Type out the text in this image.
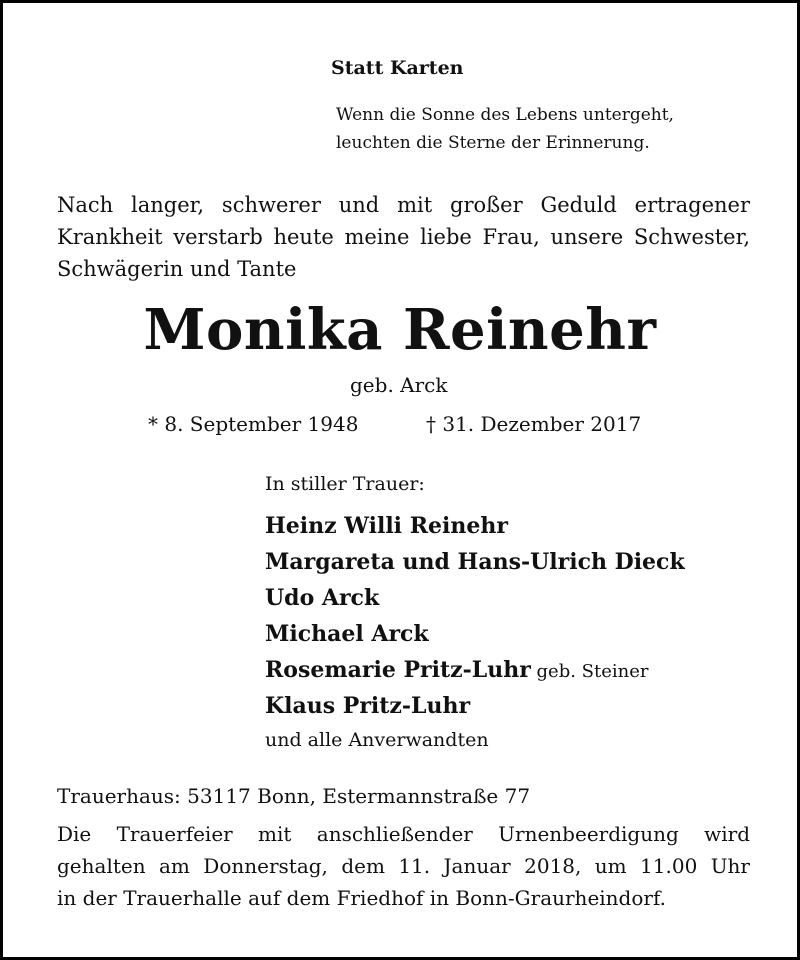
Statt Karten
Wenn die Sonne des Lebens untergeht,
leuchten die Sterne der Erinnerung.
Nach langer, schwerer und mit großer Geduld ertragener
Krankheit verstarb heute meine liebe Frau, unsere Schwester,
Schwägerin und Tante
Monika Reinehr
geb. Arck
* 8. September 1948	† 31. Dezember 2017
In stiller Trauer:
Heinz Willi Reinehr
Margareta und Hans-Ulrich Dieck
Udo Arck
Michael Arck
Rosemarie Pritz-Luhr geb. Steiner
Klaus Pritz-Luhr
und alle Anverwandten
Trauerhaus: 53117 Bonn, Estermannstraße 77
Die Trauerfeier mit anschließender Urnenbeerdigung wird
gehalten am Donnerstag, dem 11. Januar 2018, um 11.00 Uhr
in der Trauerhalle auf dem Friedhof in Bonn-Graurheindorf.
